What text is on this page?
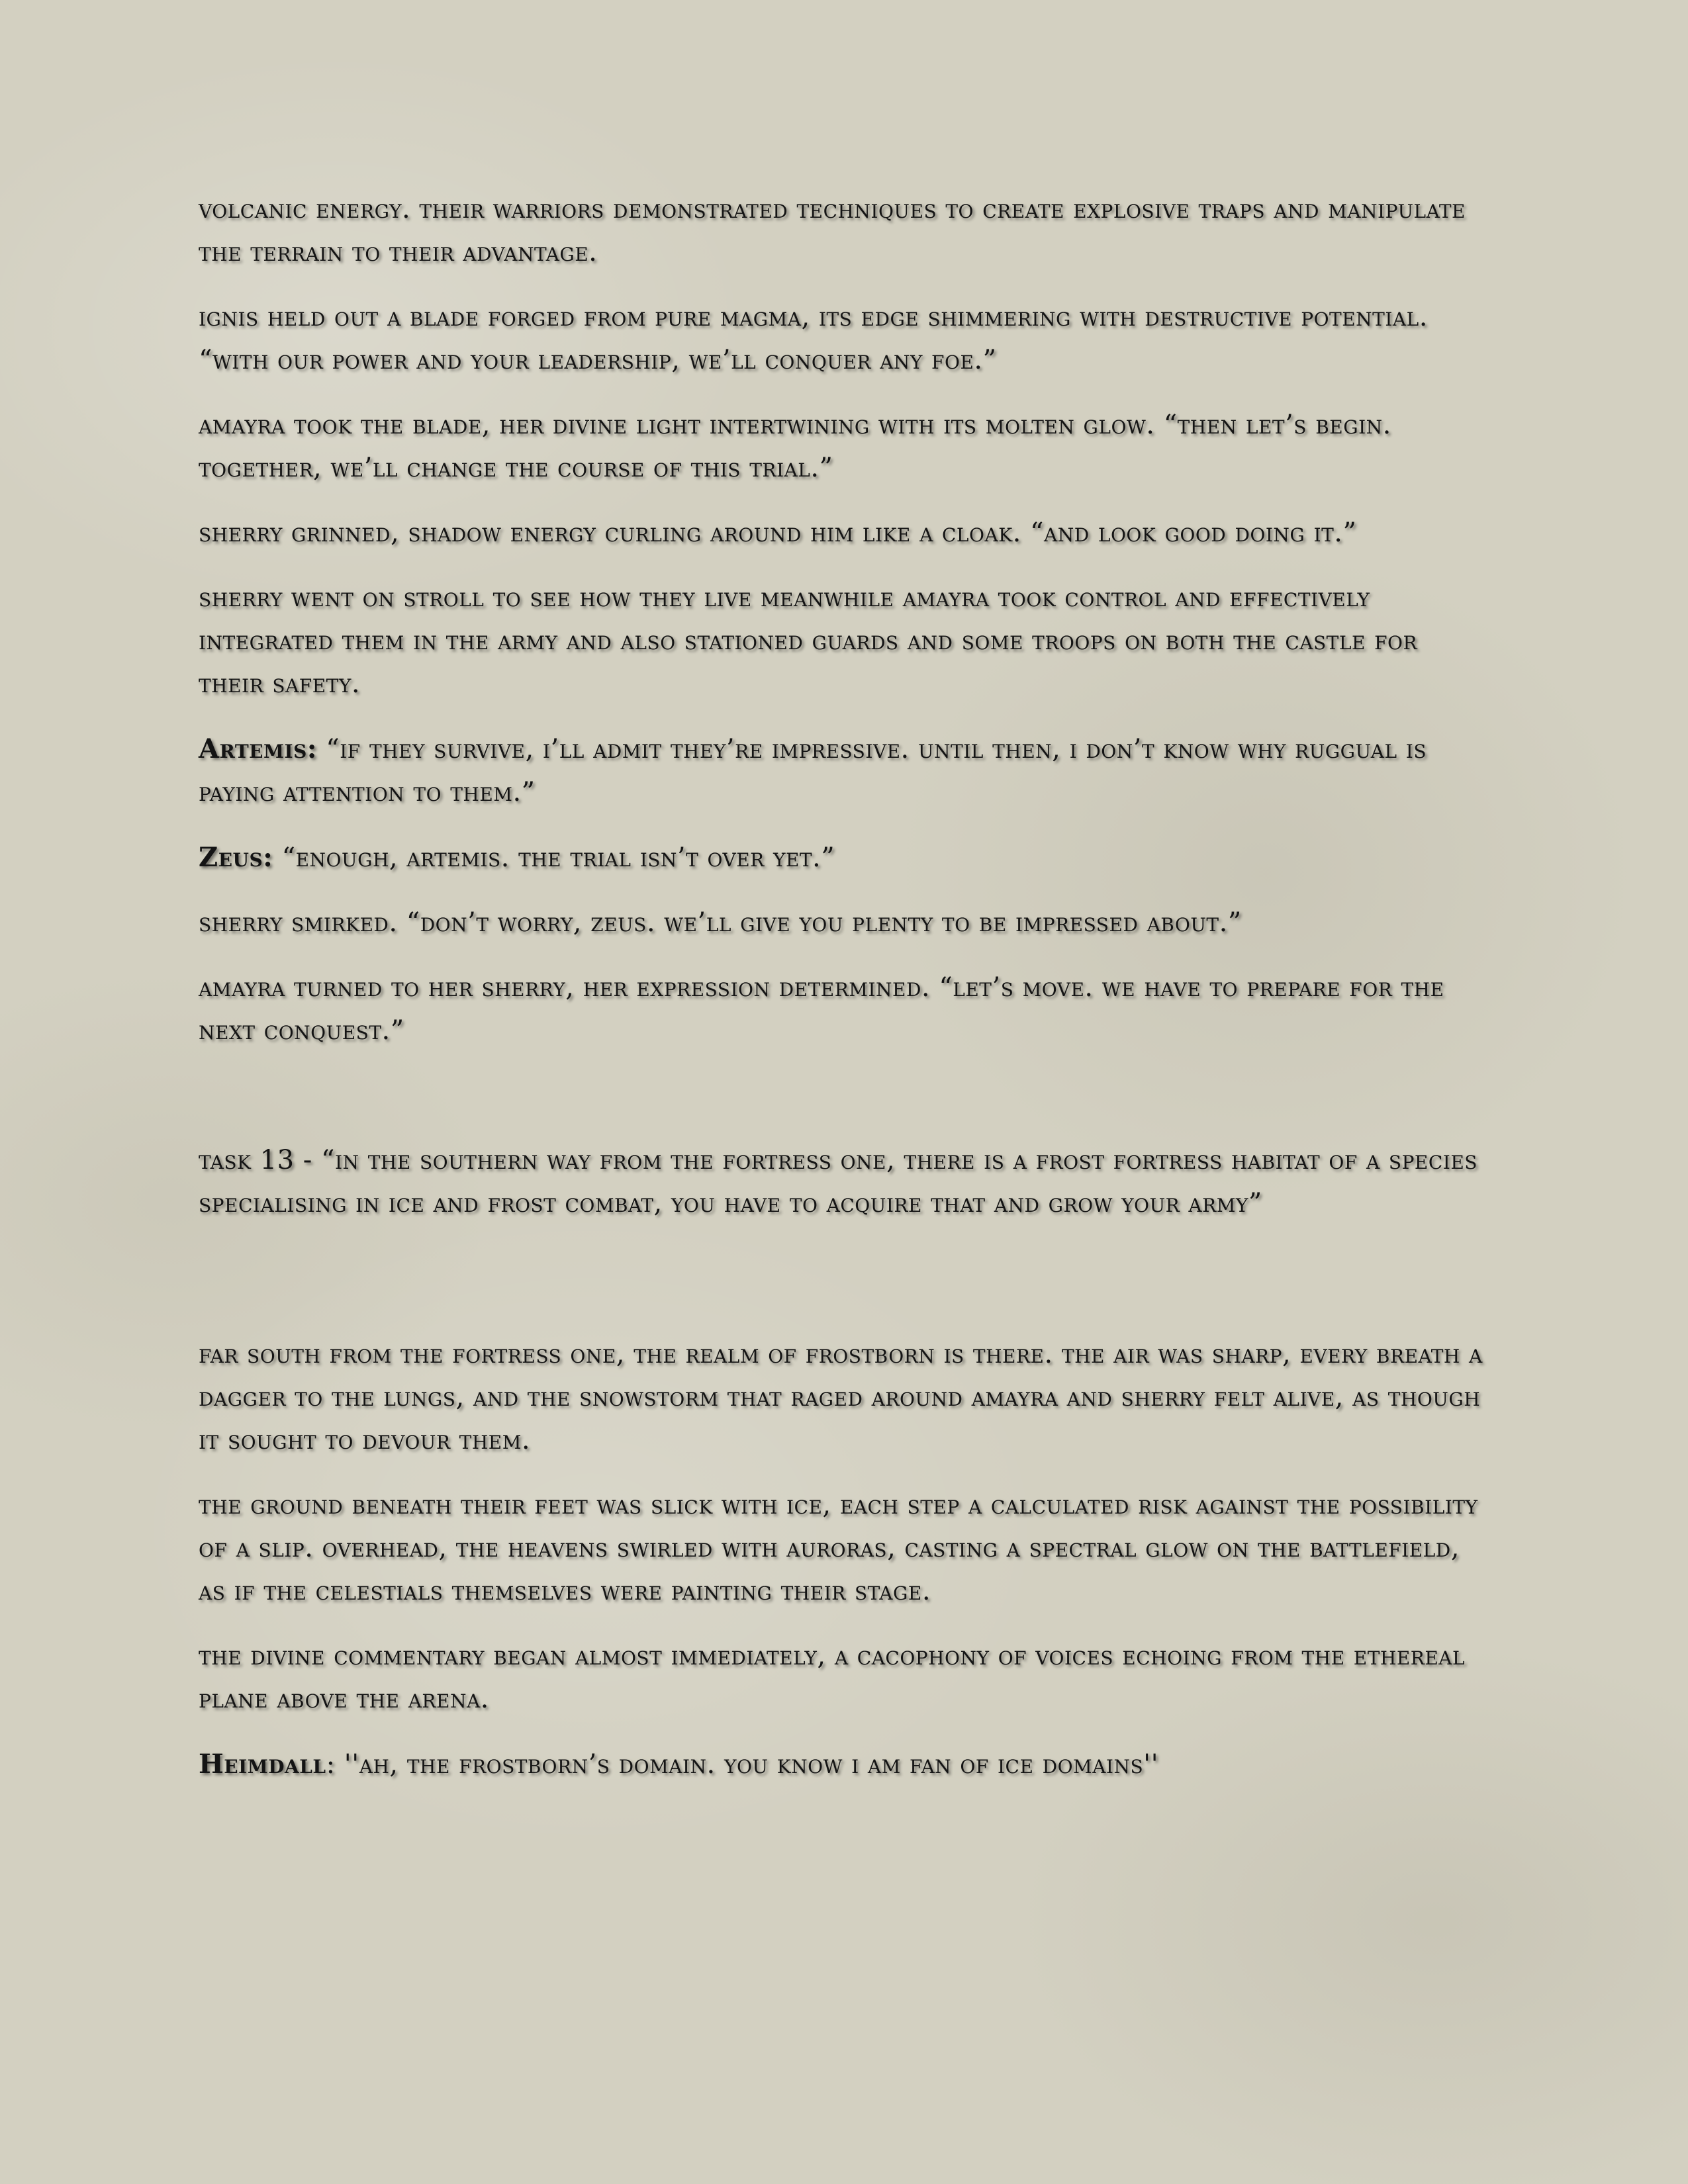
volcanic energy. their warriors demonstrated techniques to create explosive traps and manipulate the terrain to their advantage.

ignis held out a blade forged from pure magma, its edge shimmering with destructive potential. “with our power and your leadership, we’ll conquer any foe.”

amayra took the blade, her divine light intertwining with its molten glow. “then let’s begin. together, we’ll change the course of this trial.”

sherry grinned, shadow energy curling around him like a cloak. “and look good doing it.”

sherry went on stroll to see how they live meanwhile amayra took control and effectively integrated them in the army and also stationed guards and some troops on both the castle for their safety.

Artemis: “if they survive, i’ll admit they’re impressive. until then, i don’t know why ruggual is paying attention to them.”

Zeus: “enough, artemis. the trial isn’t over yet.”

sherry smirked. “don’t worry, zeus. we’ll give you plenty to be impressed about.”

amayra turned to her sherry, her expression determined. “let’s move. we have to prepare for the next conquest.”

task 13 - “in the southern way from the fortress one, there is a frost fortress habitat of a species specialising in ice and frost combat, you have to acquire that and grow your army”

far south from the fortress one, the realm of frostborn is there. the air was sharp, every breath a dagger to the lungs, and the snowstorm that raged around amayra and sherry felt alive, as though it sought to devour them.

the ground beneath their feet was slick with ice, each step a calculated risk against the possibility of a slip. overhead, the heavens swirled with auroras, casting a spectral glow on the battlefield, as if the celestials themselves were painting their stage.

the divine commentary began almost immediately, a cacophony of voices echoing from the ethereal plane above the arena.

Heimdall: ''ah, the frostborn’s domain. you know i am fan of ice domains''
